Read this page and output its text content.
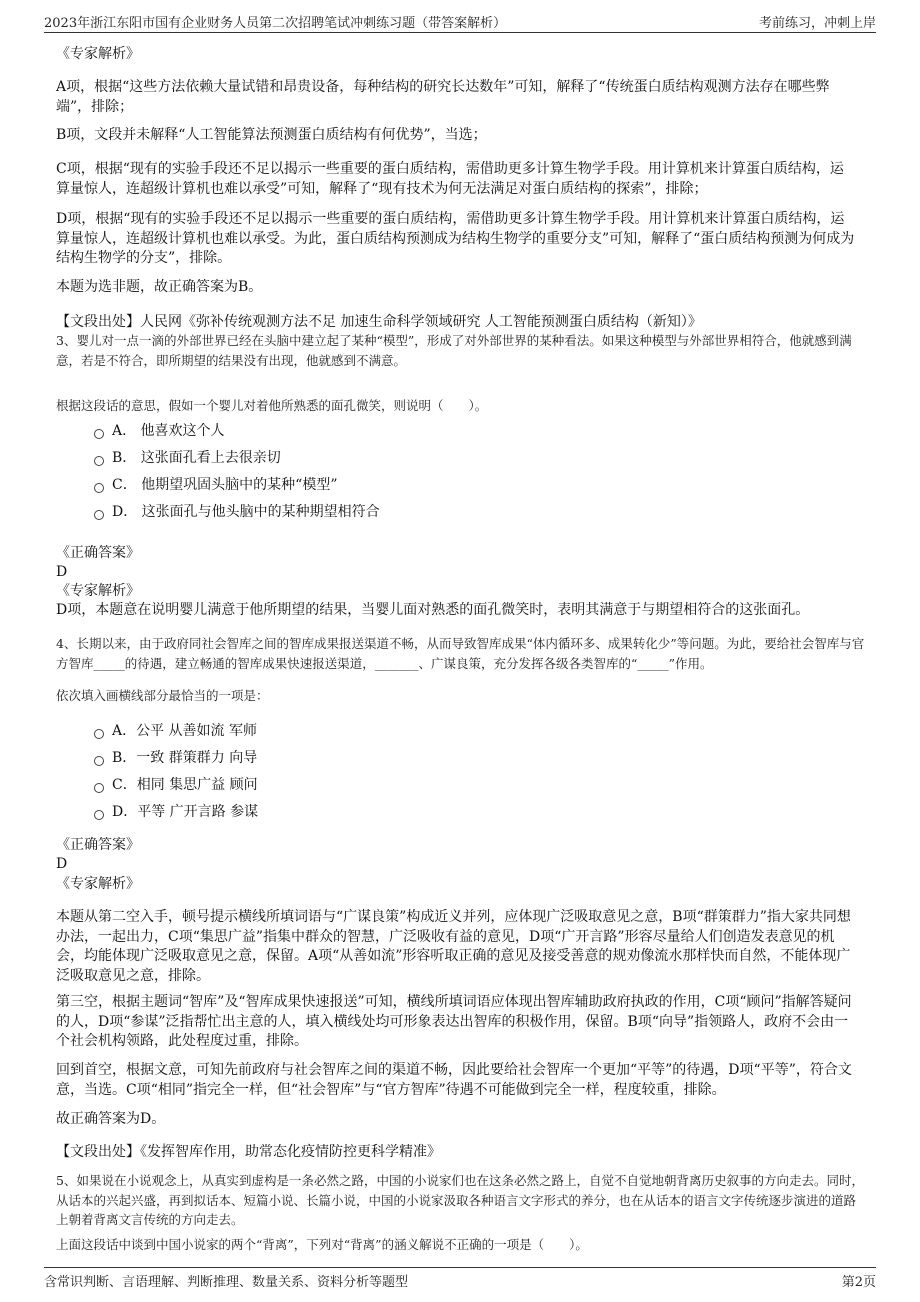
2023年浙江东阳市国有企业财务人员第二次招聘笔试冲刺练习题（带答案解析）	考前练习，冲刺上岸

《专家解析》

A项，根据“这些方法依赖大量试错和昂贵设备，每种结构的研究长达数年”可知，解释了“传统蛋白质结构观测方法存在哪些弊端”，排除；

B项，文段并未解释“人工智能算法预测蛋白质结构有何优势”，当选；

C项，根据“现有的实验手段还不足以揭示一些重要的蛋白质结构，需借助更多计算生物学手段。用计算机来计算蛋白质结构，运算量惊人，连超级计算机也难以承受”可知，解释了“现有技术为何无法满足对蛋白质结构的探索”，排除；

D项，根据“现有的实验手段还不足以揭示一些重要的蛋白质结构，需借助更多计算生物学手段。用计算机来计算蛋白质结构，运算量惊人，连超级计算机也难以承受。为此，蛋白质结构预测成为结构生物学的重要分支”可知，解释了“蛋白质结构预测为何成为结构生物学的分支”，排除。

本题为选非题，故正确答案为B。

【文段出处】人民网《弥补传统观测方法不足 加速生命科学领域研究 人工智能预测蛋白质结构（新知）》

3、婴儿对一点一滴的外部世界已经在头脑中建立起了某种“模型”，形成了对外部世界的某种看法。如果这种模型与外部世界相符合，他就感到满意，若是不符合，即所期望的结果没有出现，他就感到不满意。

根据这段话的意思，假如一个婴儿对着他所熟悉的面孔微笑，则说明（　　）。

A． 他喜欢这个人
B． 这张面孔看上去很亲切
C． 他期望巩固头脑中的某种“模型”
D． 这张面孔与他头脑中的某种期望相符合

《正确答案》

D

《专家解析》

D项，本题意在说明婴儿满意于他所期望的结果，当婴儿面对熟悉的面孔微笑时，表明其满意于与期望相符合的这张面孔。

4、长期以来，由于政府同社会智库之间的智库成果报送渠道不畅，从而导致智库成果“体内循环多、成果转化少”等问题。为此，要给社会智库与官方智库_____的待遇，建立畅通的智库成果快速报送渠道，_______、广谋良策，充分发挥各级各类智库的“_____”作用。

依次填入画横线部分最恰当的一项是：

A．公平 从善如流 军师
B．一致 群策群力 向导
C．相同 集思广益 顾问
D．平等 广开言路 参谋

《正确答案》

D

《专家解析》

本题从第二空入手，顿号提示横线所填词语与“广谋良策”构成近义并列，应体现广泛吸取意见之意，B项“群策群力”指大家共同想办法，一起出力，C项“集思广益”指集中群众的智慧，广泛吸收有益的意见，D项“广开言路”形容尽量给人们创造发表意见的机会，均能体现广泛吸取意见之意，保留。A项“从善如流”形容听取正确的意见及接受善意的规劝像流水那样快而自然，不能体现广泛吸取意见之意，排除。

第三空，根据主题词“智库”及“智库成果快速报送”可知，横线所填词语应体现出智库辅助政府执政的作用，C项“顾问”指解答疑问的人，D项“参谋”泛指帮忙出主意的人，填入横线处均可形象表达出智库的积极作用，保留。B项“向导”指领路人，政府不会由一个社会机构领路，此处程度过重，排除。

回到首空，根据文意，可知先前政府与社会智库之间的渠道不畅，因此要给社会智库一个更加“平等”的待遇，D项“平等”，符合文意，当选。C项“相同”指完全一样，但“社会智库”与“官方智库”待遇不可能做到完全一样，程度较重，排除。

故正确答案为D。

【文段出处】《发挥智库作用，助常态化疫情防控更科学精准》

5、如果说在小说观念上，从真实到虚构是一条必然之路，中国的小说家们也在这条必然之路上，自觉不自觉地朝背离历史叙事的方向走去。同时，从话本的兴起兴盛，再到拟话本、短篇小说、长篇小说，中国的小说家汲取各种语言文字形式的养分，也在从话本的语言文字传统逐步演进的道路上朝着背离文言传统的方向走去。

上面这段话中谈到中国小说家的两个“背离”，下列对“背离”的涵义解说不正确的一项是（　　）。

含常识判断、言语理解、判断推理、数量关系、资料分析等题型	第2页
